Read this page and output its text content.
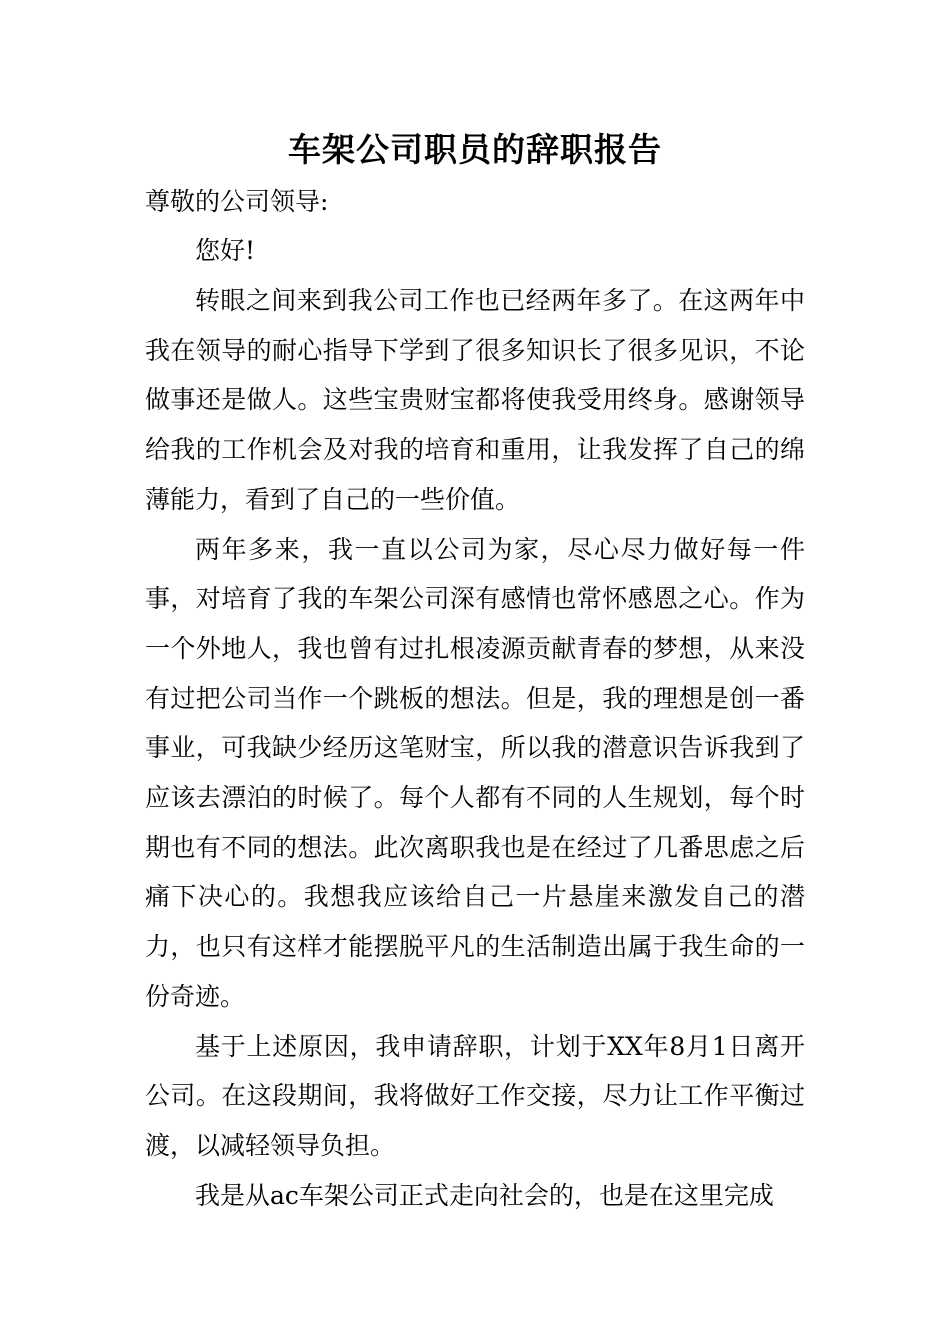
车架公司职员的辞职报告
尊敬的公司领导:
您好!

转眼之间来到我公司工作也已经两年多了。在这两年中我在领导的耐心指导下学到了很多知识长了很多见识，不论做事还是做人。这些宝贵财宝都将使我受用终身。感谢领导给我的工作机会及对我的培育和重用，让我发挥了自己的绵薄能力，看到了自己的一些价值。

两年多来，我一直以公司为家，尽心尽力做好每一件事，对培育了我的车架公司深有感情也常怀感恩之心。作为一个外地人，我也曾有过扎根凌源贡献青春的梦想，从来没有过把公司当作一个跳板的想法。但是，我的理想是创一番事业，可我缺少经历这笔财宝，所以我的潜意识告诉我到了应该去漂泊的时候了。每个人都有不同的人生规划，每个时期也有不同的想法。此次离职我也是在经过了几番思虑之后痛下决心的。我想我应该给自己一片悬崖来激发自己的潜力，也只有这样才能摆脱平凡的生活制造出属于我生命的一份奇迹。

基于上述原因，我申请辞职，计划于XX年8月1日离开公司。在这段期间，我将做好工作交接，尽力让工作平衡过渡，以减轻领导负担。

我是从ac车架公司正式走向社会的，也是在这里完成
